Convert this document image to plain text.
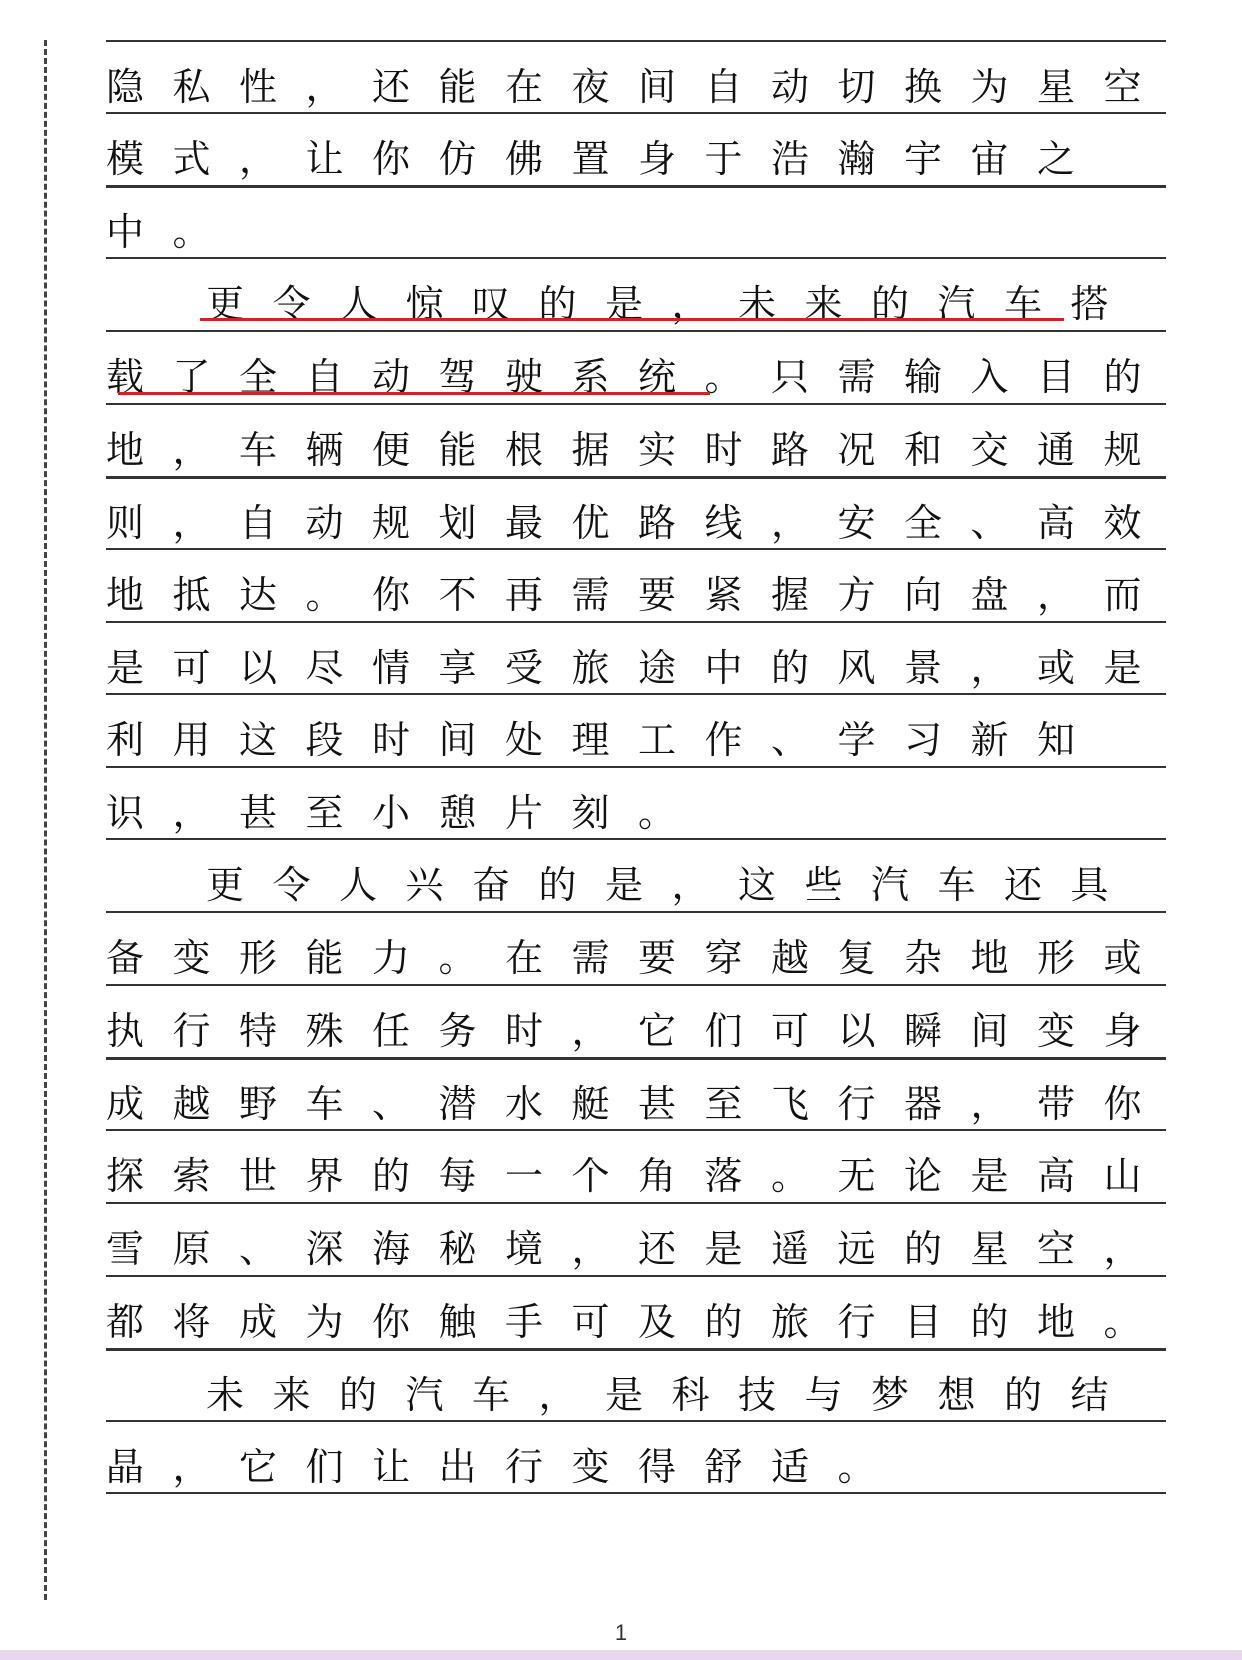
隐私性，还能在夜间自动切换为星空
模式，让你仿佛置身于浩瀚宇宙之
中。
更令人惊叹的是，未来的汽车搭
载了全自动驾驶系统。只需输入目的
地，车辆便能根据实时路况和交通规
则，自动规划最优路线，安全、高效
地抵达。你不再需要紧握方向盘，而
是可以尽情享受旅途中的风景，或是
利用这段时间处理工作、学习新知
识，甚至小憩片刻。
更令人兴奋的是，这些汽车还具
备变形能力。在需要穿越复杂地形或
执行特殊任务时，它们可以瞬间变身
成越野车、潜水艇甚至飞行器，带你
探索世界的每一个角落。无论是高山
雪原、深海秘境，还是遥远的星空，
都将成为你触手可及的旅行目的地。
未来的汽车，是科技与梦想的结
晶，它们让出行变得舒适。
1
